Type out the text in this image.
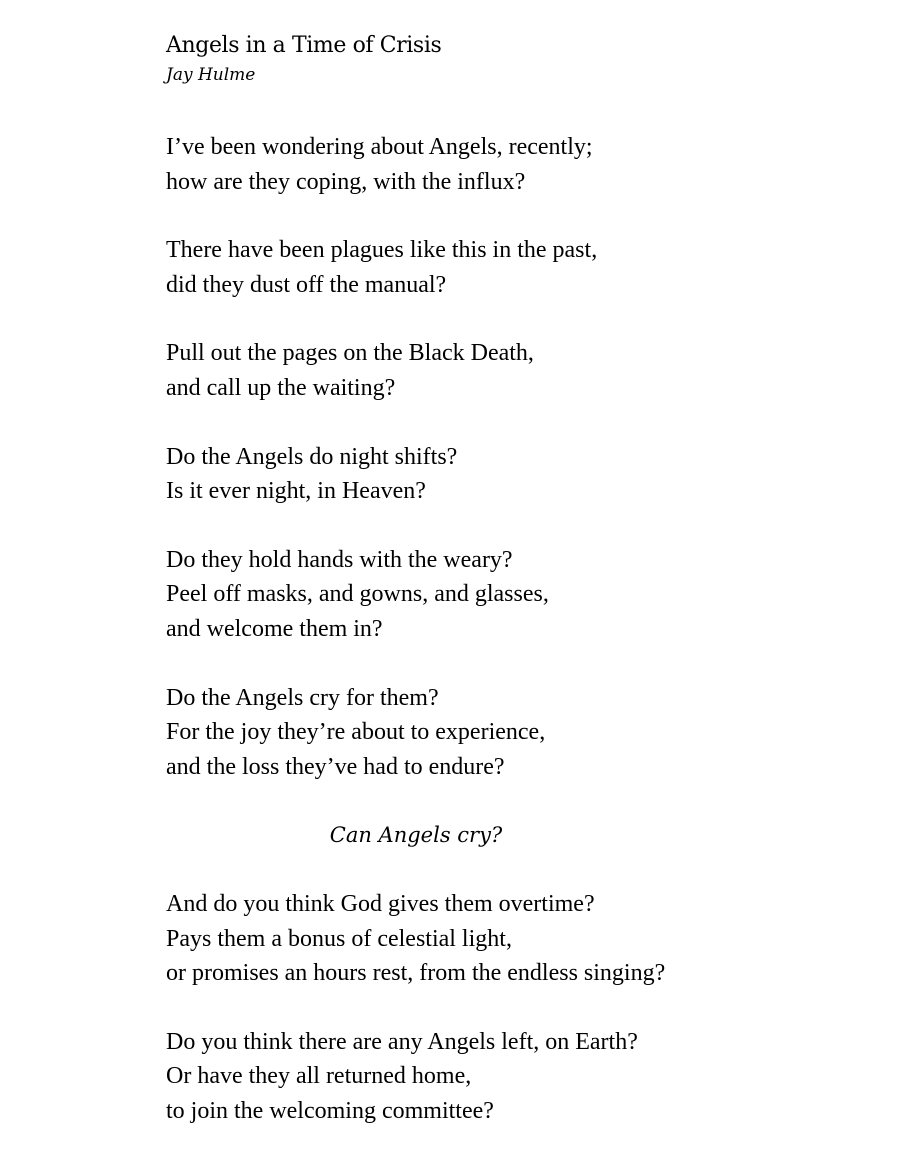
Angels in a Time of Crisis
Jay Hulme
I’ve been wondering about Angels, recently;
how are they coping, with the influx?
There have been plagues like this in the past,
did they dust off the manual?
Pull out the pages on the Black Death,
and call up the waiting?
Do the Angels do night shifts?
Is it ever night, in Heaven?
Do they hold hands with the weary?
Peel off masks, and gowns, and glasses,
and welcome them in?
Do the Angels cry for them?
For the joy they’re about to experience,
and the loss they’ve had to endure?
Can Angels cry?
And do you think God gives them overtime?
Pays them a bonus of celestial light,
or promises an hours rest, from the endless singing?
Do you think there are any Angels left, on Earth?
Or have they all returned home,
to join the welcoming committee?
